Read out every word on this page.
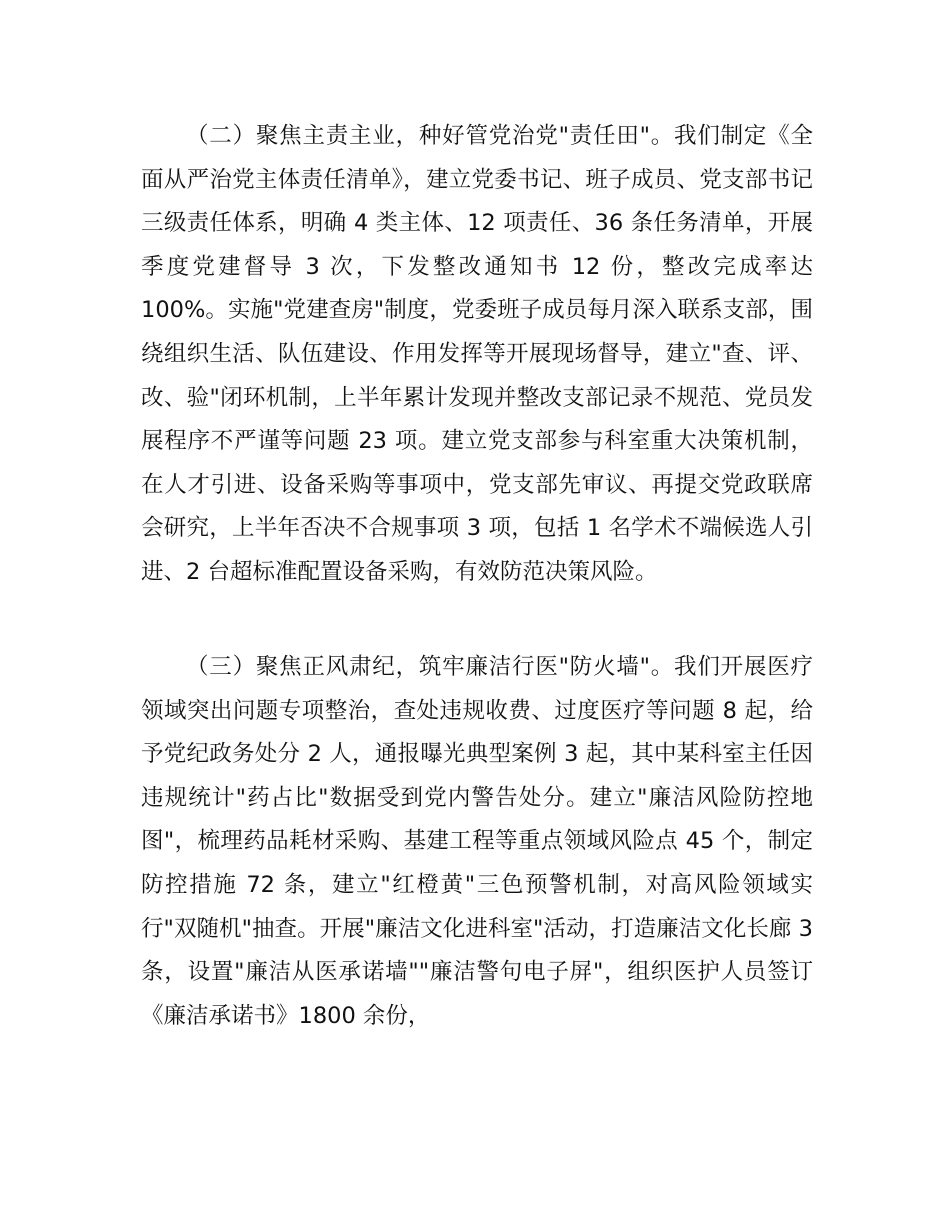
（二）聚焦主责主业，种好管党治党"责任田"。我们制定《全面从严治党主体责任清单》，建立党委书记、班子成员、党支部书记三级责任体系，明确 4 类主体、12 项责任、36 条任务清单，开展季度党建督导 3 次，下发整改通知书 12 份，整改完成率达 100%。实施"党建查房"制度，党委班子成员每月深入联系支部，围绕组织生活、队伍建设、作用发挥等开展现场督导，建立"查、评、改、验"闭环机制，上半年累计发现并整改支部记录不规范、党员发展程序不严谨等问题 23 项。建立党支部参与科室重大决策机制，在人才引进、设备采购等事项中，党支部先审议、再提交党政联席会研究，上半年否决不合规事项 3 项，包括 1 名学术不端候选人引进、2 台超标准配置设备采购，有效防范决策风险。

（三）聚焦正风肃纪，筑牢廉洁行医"防火墙"。我们开展医疗领域突出问题专项整治，查处违规收费、过度医疗等问题 8 起，给予党纪政务处分 2 人，通报曝光典型案例 3 起，其中某科室主任因违规统计"药占比"数据受到党内警告处分。建立"廉洁风险防控地图"，梳理药品耗材采购、基建工程等重点领域风险点 45 个，制定防控措施 72 条，建立"红橙黄"三色预警机制，对高风险领域实行"双随机"抽查。开展"廉洁文化进科室"活动，打造廉洁文化长廊 3 条，设置"廉洁从医承诺墙""廉洁警句电子屏"，组织医护人员签订《廉洁承诺书》1800 余份，
